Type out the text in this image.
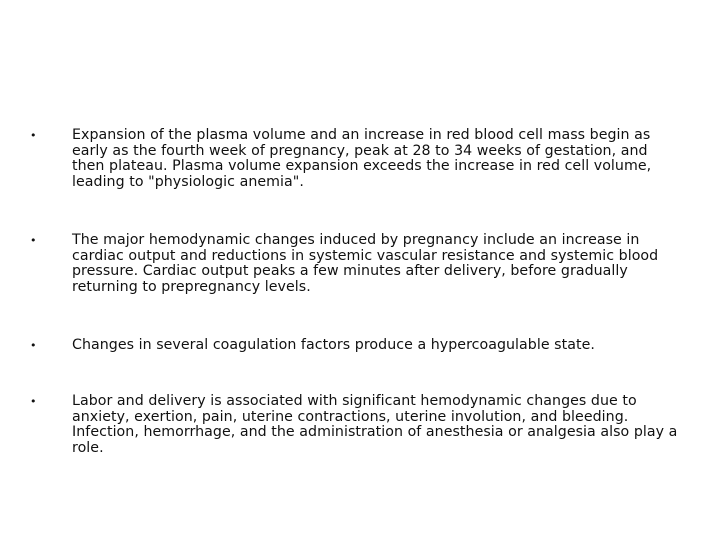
•	Expansion of the plasma volume and an increase in red blood cell mass begin as early as the fourth week of pregnancy, peak at 28 to 34 weeks of gestation, and then plateau. Plasma volume expansion exceeds the increase in red cell volume, leading to "physiologic anemia".
•	The major hemodynamic changes induced by pregnancy include an increase in cardiac output and reductions in systemic vascular resistance and systemic blood pressure. Cardiac output peaks a few minutes after delivery, before gradually returning to prepregnancy levels.
•	Changes in several coagulation factors produce a hypercoagulable state.
•	Labor and delivery is associated with significant hemodynamic changes due to anxiety, exertion, pain, uterine contractions, uterine involution, and bleeding. Infection, hemorrhage, and the administration of anesthesia or analgesia also play a role.
